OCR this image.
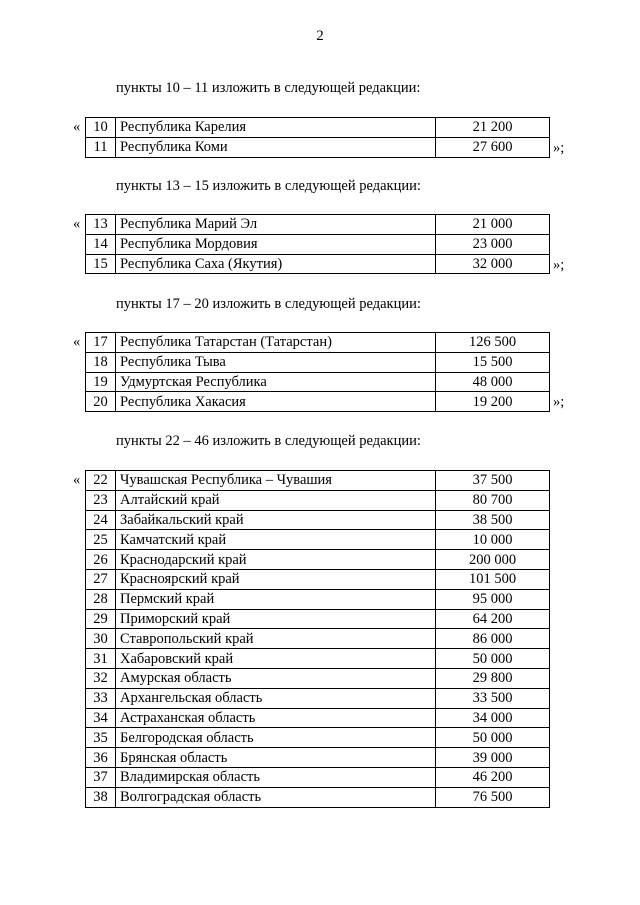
2
пункты 10 – 11 изложить в следующей редакции:
« 10	Республика Карелия	21 200
11	Республика Коми	27 600	»;
пункты 13 – 15 изложить в следующей редакции:
« 13	Республика Марий Эл	21 000
14	Республика Мордовия	23 000
15	Республика Саха (Якутия)	32 000	»;
пункты 17 – 20 изложить в следующей редакции:
« 17	Республика Татарстан (Татарстан)	126 500
18	Республика Тыва	15 500
19	Удмуртская Республика	48 000
20	Республика Хакасия	19 200	»;
пункты 22 – 46 изложить в следующей редакции:
« 22	Чувашская Республика – Чувашия	37 500
23	Алтайский край	80 700
24	Забайкальский край	38 500
25	Камчатский край	10 000
26	Краснодарский край	200 000
27	Красноярский край	101 500
28	Пермский край	95 000
29	Приморский край	64 200
30	Ставропольский край	86 000
31	Хабаровский край	50 000
32	Амурская область	29 800
33	Архангельская область	33 500
34	Астраханская область	34 000
35	Белгородская область	50 000
36	Брянская область	39 000
37	Владимирская область	46 200
38	Волгоградская область	76 500
